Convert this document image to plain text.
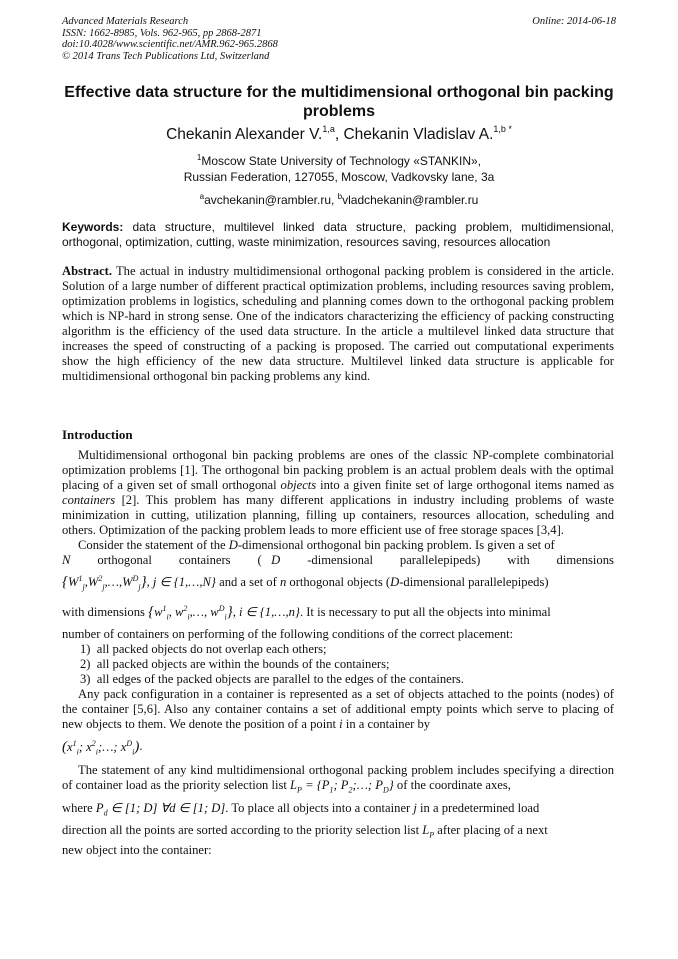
Advanced Materials Research
ISSN: 1662-8985, Vols. 962-965, pp 2868-2871
doi:10.4028/www.scientific.net/AMR.962-965.2868
© 2014 Trans Tech Publications Ltd, Switzerland
Online: 2014-06-18
Effective data structure for the multidimensional orthogonal bin packing problems
Chekanin Alexander V.$^{1,a}$, Chekanin Vladislav A.$^{1,b *}$
$^1$Moscow State University of Technology «STANKIN»,
Russian Federation, 127055, Moscow, Vadkovsky lane, 3a
$^a$avchekanin@rambler.ru, $^b$vladchekanin@rambler.ru
Keywords: data structure, multilevel linked data structure, packing problem, multidimensional, orthogonal, optimization, cutting, waste minimization, resources saving, resources allocation
Abstract. The actual in industry multidimensional orthogonal packing problem is considered in the article. Solution of a large number of different practical optimization problems, including resources saving problem, optimization problems in logistics, scheduling and planning comes down to the orthogonal packing problem which is NP-hard in strong sense. One of the indicators characterizing the efficiency of packing constructing algorithm is the efficiency of the used data structure. In the article a multilevel linked data structure that increases the speed of constructing of a packing is proposed. The carried out computational experiments show the high efficiency of the new data structure. Multilevel linked data structure is applicable for multidimensional orthogonal bin packing problems any kind.
Introduction

Multidimensional orthogonal bin packing problems are ones of the classic NP-complete combinatorial optimization problems [1]. The orthogonal bin packing problem is an actual problem deals with the optimal placing of a given set of small orthogonal objects into a given finite set of large orthogonal items named as containers [2]. This problem has many different applications in industry including problems of waste minimization in cutting, utilization planning, filling up containers, resources allocation, scheduling and others. Optimization of the packing problem leads to more efficient use of free storage spaces [3,4].

Consider the statement of the D-dimensional orthogonal bin packing problem. Is given a set of

N orthogonal containers ( D -dimensional parallelepipeds) with dimensions
$\{W^1_j,W^2_j,\dots,W^D_j\}$, j ∈ {1,…,N} and a set of n orthogonal objects (D-dimensional parallelepipeds)
with dimensions {$w^1_i$, $w^2_i,\dots$, $w^D_i$}, i ∈ {1,…,n}. It is necessary to put all the objects into minimal
number of containers on performing of the following conditions of the correct placement:
1)  all packed objects do not overlap each others;
2)  all packed objects are within the bounds of the containers;
3)  all edges of the packed objects are parallel to the edges of the containers.

Any pack configuration in a container is represented as a set of objects attached to the points (nodes) of the container [5,6]. Also any container contains a set of additional empty points which serve to placing of new objects to them. We denote the position of a point i in a container by

($x^1_i$; $x^2_i;\dots$; $x^D_i$).

The statement of any kind multidimensional orthogonal packing problem includes specifying a direction of container load as the priority selection list $L_P = \{P_1$; $P_2;\dots$; $P_D$} of the coordinate axes,

where $P_d$ ∈ [1; D] ∀d ∈ [1; D]. To place all objects into a container j in a predetermined load
direction all the points are sorted according to the priority selection list $L_P$ after placing of a next
new object into the container:
